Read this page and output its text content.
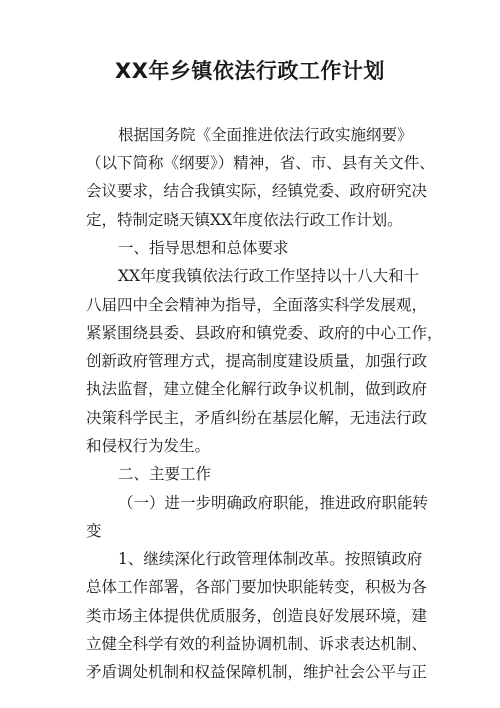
XX年乡镇依法行政工作计划
根据国务院《全面推进依法行政实施纲要》
（以下简称《纲要》）精神，省、市、县有关文件、
会议要求，结合我镇实际，经镇党委、政府研究决
定，特制定晓天镇XX年度依法行政工作计划。
一、指导思想和总体要求
XX年度我镇依法行政工作坚持以十八大和十
八届四中全会精神为指导，全面落实科学发展观，
紧紧围绕县委、县政府和镇党委、政府的中心工作，
创新政府管理方式，提高制度建设质量，加强行政
执法监督，建立健全化解行政争议机制，做到政府
决策科学民主，矛盾纠纷在基层化解，无违法行政
和侵权行为发生。
二、主要工作
（一）进一步明确政府职能，推进政府职能转
变
1、继续深化行政管理体制改革。按照镇政府
总体工作部署，各部门要加快职能转变，积极为各
类市场主体提供优质服务，创造良好发展环境，建
立健全科学有效的利益协调机制、诉求表达机制、
矛盾调处机制和权益保障机制，维护社会公平与正
